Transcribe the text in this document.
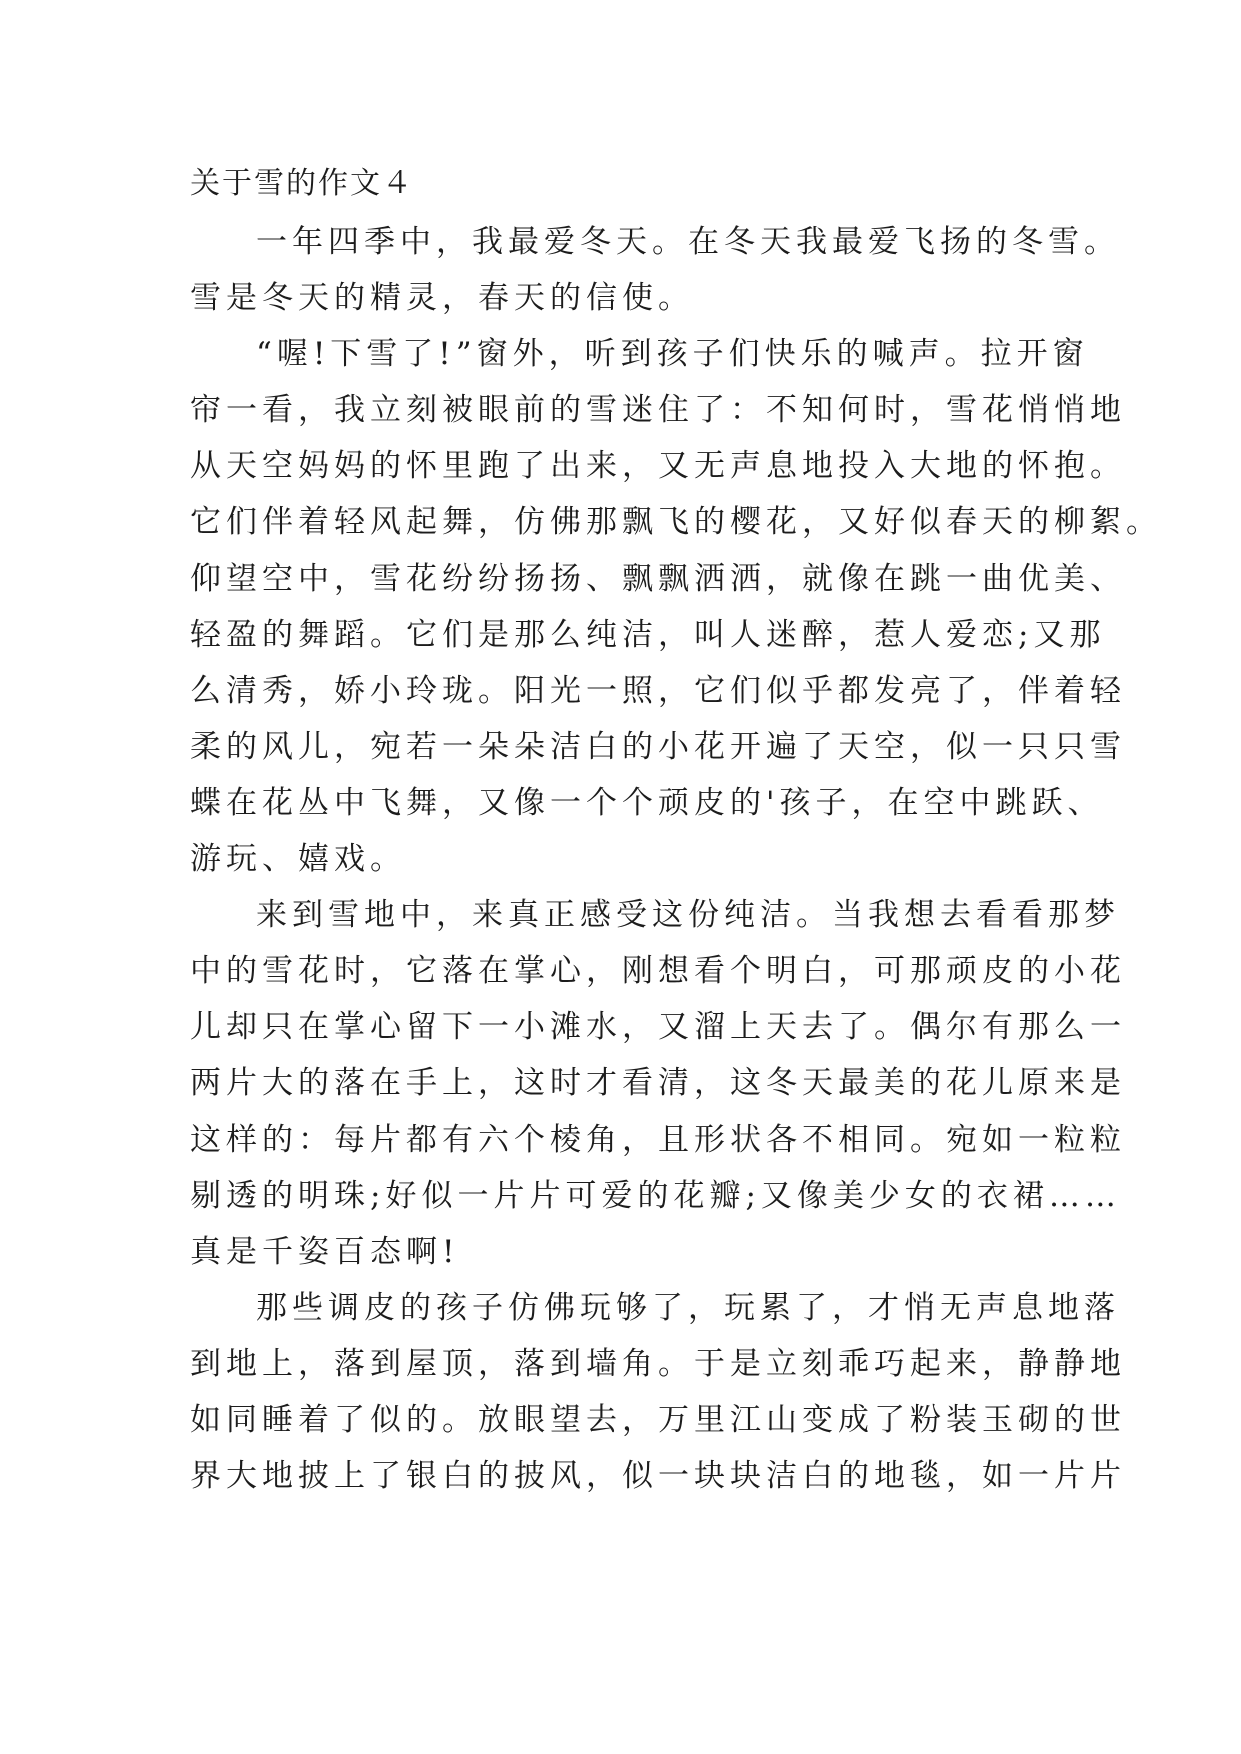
关于雪的作文４
一年四季中，我最爱冬天。在冬天我最爱飞扬的冬雪。
雪是冬天的精灵，春天的信使。
“喔!下雪了!”窗外，听到孩子们快乐的喊声。拉开窗
帘一看，我立刻被眼前的雪迷住了：不知何时，雪花悄悄地
从天空妈妈的怀里跑了出来，又无声息地投入大地的怀抱。
它们伴着轻风起舞，仿佛那飘飞的樱花，又好似春天的柳絮。
仰望空中，雪花纷纷扬扬、飘飘洒洒，就像在跳一曲优美、
轻盈的舞蹈。它们是那么纯洁，叫人迷醉，惹人爱恋;又那
么清秀，娇小玲珑。阳光一照，它们似乎都发亮了，伴着轻
柔的风儿，宛若一朵朵洁白的小花开遍了天空，似一只只雪
蝶在花丛中飞舞，又像一个个顽皮的'孩子，在空中跳跃、
游玩、嬉戏。
来到雪地中，来真正感受这份纯洁。当我想去看看那梦
中的雪花时，它落在掌心，刚想看个明白，可那顽皮的小花
儿却只在掌心留下一小滩水，又溜上天去了。偶尔有那么一
两片大的落在手上，这时才看清，这冬天最美的花儿原来是
这样的：每片都有六个棱角，且形状各不相同。宛如一粒粒
剔透的明珠;好似一片片可爱的花瓣;又像美少女的衣裙……
真是千姿百态啊!
那些调皮的孩子仿佛玩够了，玩累了，才悄无声息地落
到地上，落到屋顶，落到墙角。于是立刻乖巧起来，静静地
如同睡着了似的。放眼望去，万里江山变成了粉装玉砌的世
界大地披上了银白的披风，似一块块洁白的地毯，如一片片
